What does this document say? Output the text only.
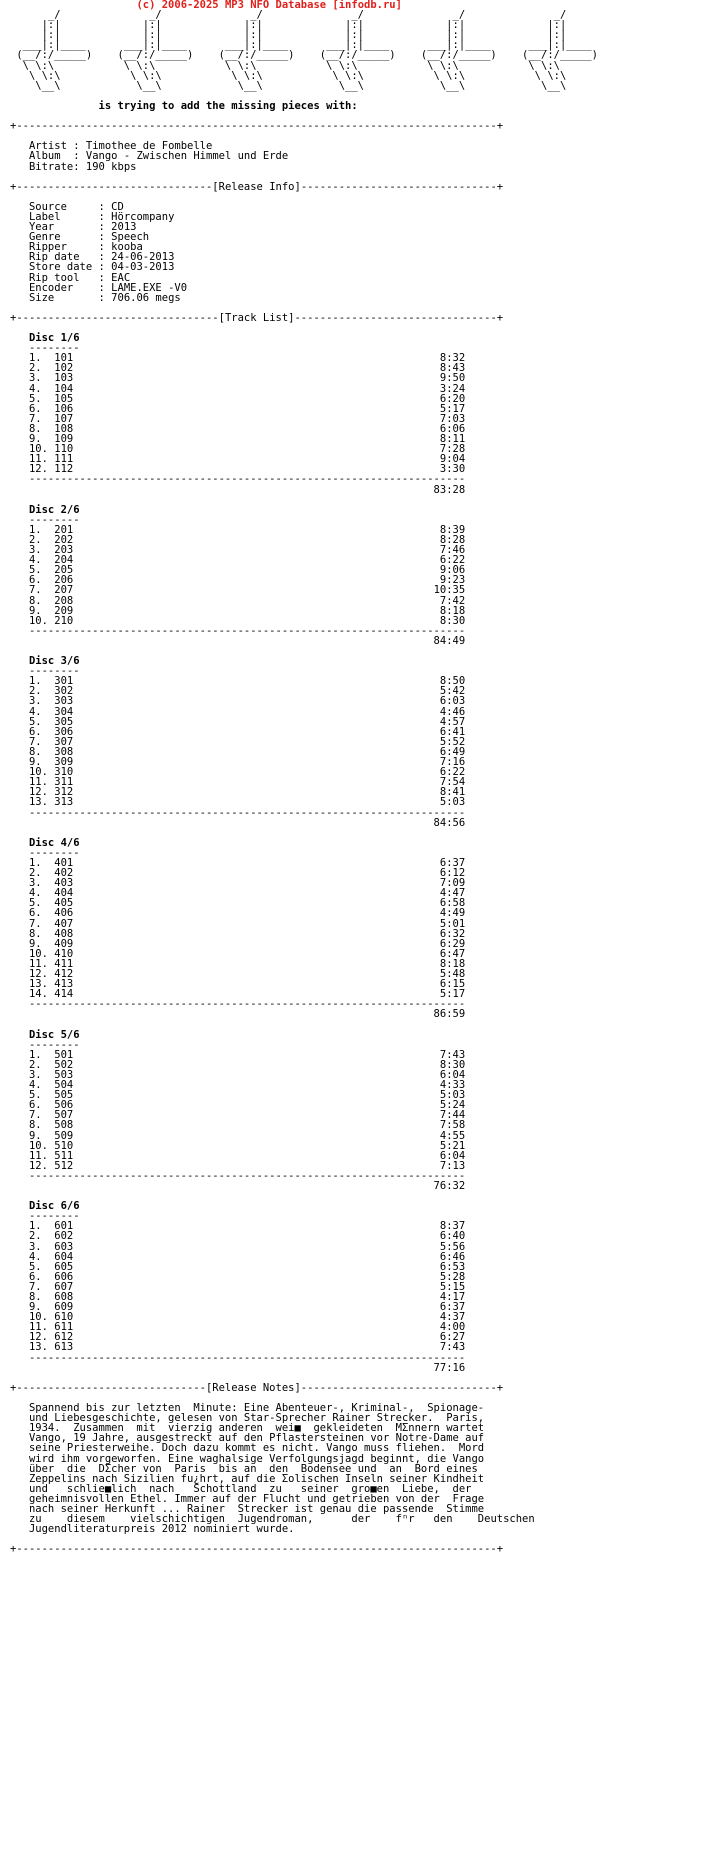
(c) 2006-2025 MP3 NFO Database [infodb.ru]
_/              _/              _/              _/              _/              _/
|:|             |:|             |:|             |:|             |:|             |:|
|:|             |:|             |:|             |:|             |:|             |:|
___|:|____      ___|:|____      ___|:|____      ___|:|____      ___|:|____      ___|:|____
(__/:/_____)    (__/:/_____)    (__/:/_____)    (__/:/_____)    (__/:/_____)    (__/:/_____)
\ \:\           \ \:\           \ \:\           \ \:\           \ \:\           \ \:\
\ \:\           \ \:\           \ \:\           \ \:\           \ \:\           \ \:\
\__\            \__\            \__\            \__\            \__\            \__\

is trying to add the missing pieces with:

+----------------------------------------------------------------------------+

Artist : Timothee de Fombelle
Album  : Vango - Zwischen Himmel und Erde
Bitrate: 190 kbps

+-------------------------------[Release Info]-------------------------------+

Source     : CD
Label      : Hörcompany
Year       : 2013
Genre      : Speech
Ripper     : kooba
Rip date   : 24-06-2013
Store date : 04-03-2013
Rip tool   : EAC
Encoder    : LAME.EXE -V0
Size       : 706.06 megs

+--------------------------------[Track List]--------------------------------+

Disc 1/6
--------
1.  101	8:32
2.  102	8:43
3.  103	9:50
4.  104	3:24
5.  105	6:20
6.  106	5:17
7.  107	7:03
8.  108	6:06
9.  109	8:11
10. 110	7:28
11. 111	9:04
12. 112	3:30
---------------------------------------------------------------------
83:28

Disc 2/6
--------
1.  201	8:39
2.  202	8:28
3.  203	7:46
4.  204	6:22
5.  205	9:06
6.  206	9:23
7.  207	10:35
8.  208	7:42
9.  209	8:18
10. 210	8:30
---------------------------------------------------------------------
84:49

Disc 3/6
--------
1.  301	8:50
2.  302	5:42
3.  303	6:03
4.  304	4:46
5.  305	4:57
6.  306	6:41
7.  307	5:52
8.  308	6:49
9.  309	7:16
10. 310	6:22
11. 311	7:54
12. 312	8:41
13. 313	5:03
---------------------------------------------------------------------
84:56

Disc 4/6
--------
1.  401	6:37
2.  402	6:12
3.  403	7:09
4.  404	4:47
5.  405	6:58
6.  406	4:49
7.  407	5:01
8.  408	6:32
9.  409	6:29
10. 410	6:47
11. 411	8:18
12. 412	5:48
13. 413	6:15
14. 414	5:17
---------------------------------------------------------------------
86:59

Disc 5/6
--------
1.  501	7:43
2.  502	8:30
3.  503	6:04
4.  504	4:33
5.  505	5:03
6.  506	5:24
7.  507	7:44
8.  508	7:58
9.  509	4:55
10. 510	5:21
11. 511	6:04
12. 512	7:13
---------------------------------------------------------------------
76:32

Disc 6/6
--------
1.  601	8:37
2.  602	6:40
3.  603	5:56
4.  604	6:46
5.  605	6:53
6.  606	5:28
7.  607	5:15
8.  608	4:17
9.  609	6:37
10. 610	4:37
11. 611	4:00
12. 612	6:27
13. 613	7:43
---------------------------------------------------------------------
77:16

+------------------------------[Release Notes]-------------------------------+

Spannend bis zur letzten  Minute: Eine Abenteuer-, Kriminal-,  Spionage-
und Liebesgeschichte, gelesen von Star-Sprecher Rainer Strecker.  Paris,
1934.  Zusammen  mit  vierzig anderen  wei■  gekleideten  MΣnnern wartet
Vango, 19 Jahre, ausgestreckt auf den Pflastersteinen vor Notre-Dame auf
seine Priesterweihe. Doch dazu kommt es nicht. Vango muss fliehen.  Mord
wird ihm vorgeworfen. Eine waghalsige Verfolgungsjagd beginnt, die Vango
über  die  DΣcher von  Paris  bis an  den  Bodensee und  an  Bord eines
Zeppelins nach Sizilien fu¿hrt, auf die Σolischen Inseln seiner Kindheit
und   schlie■lich  nach   Schottland  zu   seiner  gro■en  Liebe,  der
geheimnisvollen Ethel. Immer auf der Flucht und getrieben von der  Frage
nach seiner Herkunft ... Rainer  Strecker ist genau die passende  Stimme
zu    diesem    vielschichtigen  Jugendroman,      der    fⁿr   den    Deutschen
Jugendliteraturpreis 2012 nominiert wurde.

+----------------------------------------------------------------------------+
